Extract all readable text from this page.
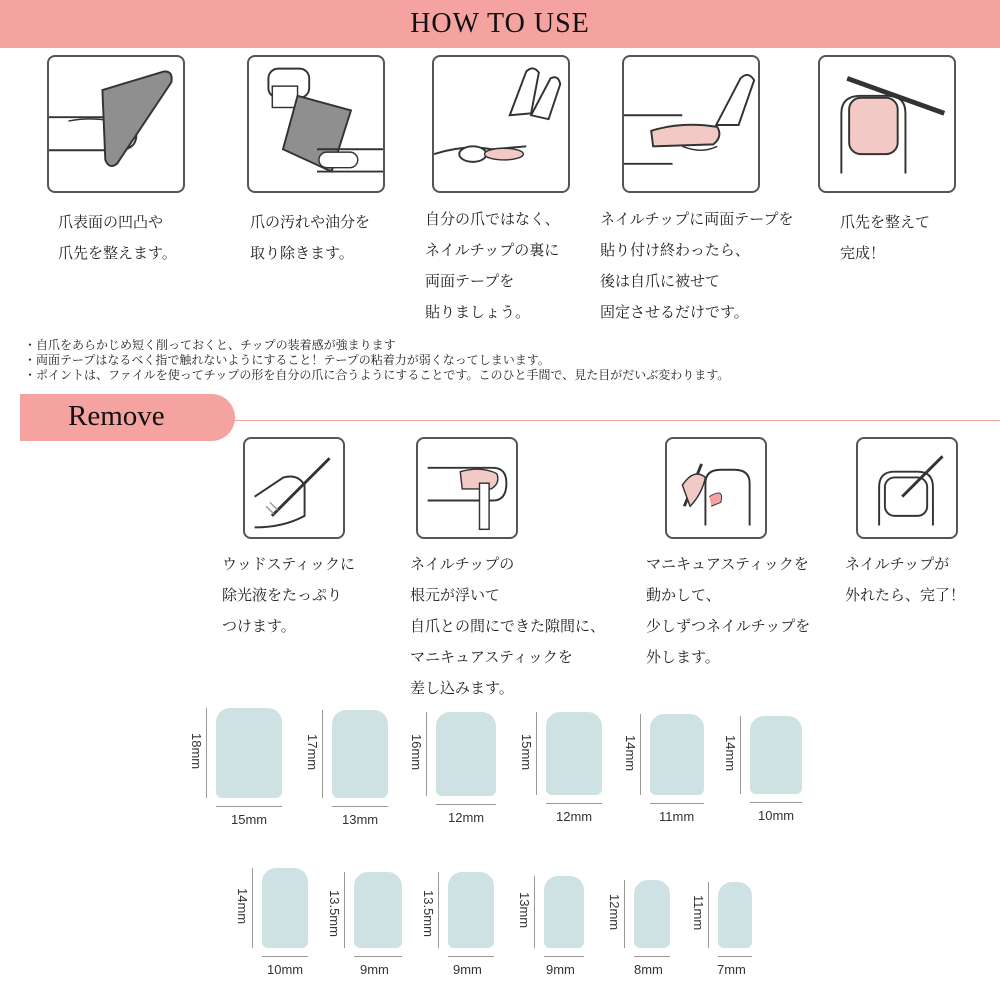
HOW TO USE
爪表面の凹凸や
爪先を整えます。
爪の汚れや油分を
取り除きます。
自分の爪ではなく、
ネイルチップの裏に
両面テープを
貼りましょう。
ネイルチップに両面テープを
貼り付け終わったら、
後は自爪に被せて
固定させるだけです。
爪先を整えて
完成！
・自爪をあらかじめ短く削っておくと、チップの装着感が強まります
・両面テープはなるべく指で触れないようにすること！テープの粘着力が弱くなってしまいます。
・ポイントは、ファイルを使ってチップの形を自分の爪に合うようにすることです。このひと手間で、見た目がだいぶ変わります。
Remove
ウッドスティックに
除光液をたっぷり
つけます。
ネイルチップの
根元が浮いて
自爪との間にできた隙間に、
マニキュアスティックを
差し込みます。
マニキュアスティックを
動かして、
少しずつネイルチップを
外します。
ネイルチップが
外れたら、完了！
18mm
15mm
17mm
13mm
16mm
12mm
15mm
12mm
14mm
11mm
14mm
10mm
14mm
10mm
13.5mm
9mm
13.5mm
9mm
13mm
9mm
12mm
8mm
11mm
7mm
